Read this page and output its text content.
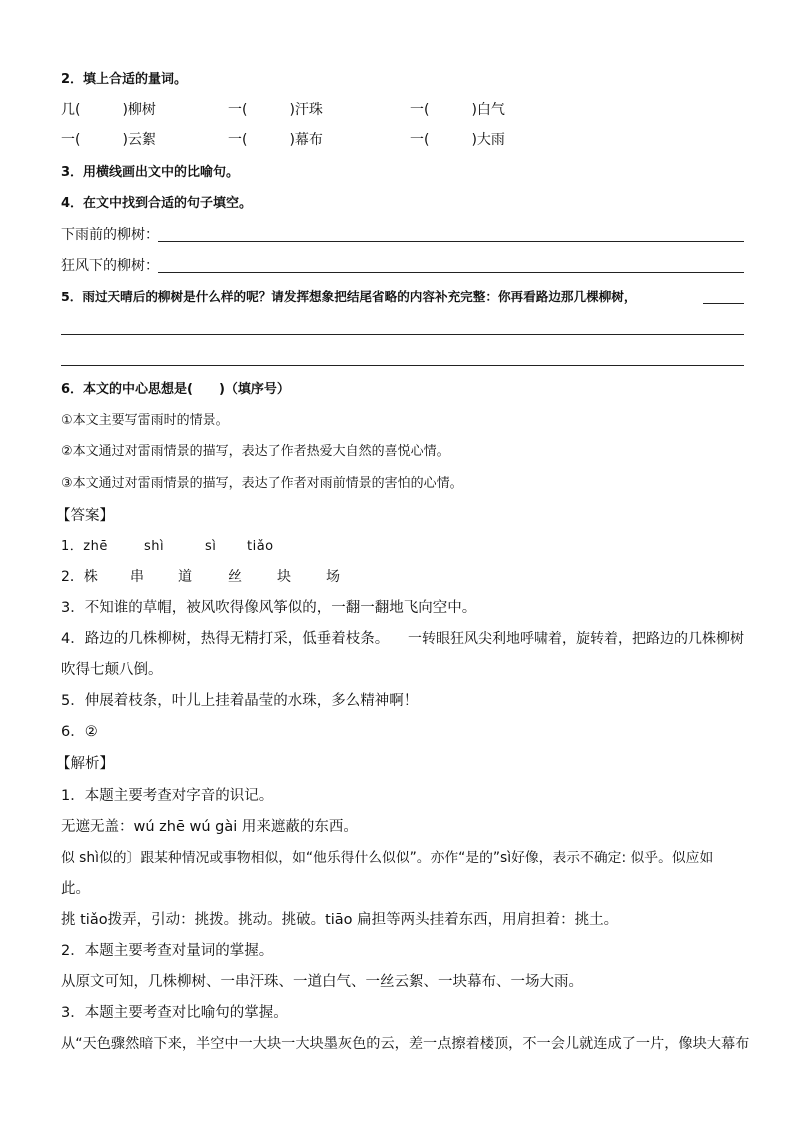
2．填上合适的量词。
几(　　　)柳树	一(　　　)汗珠	一(　　　)白气
一(　　　)云絮	一(　　　)幕布	一(　　　)大雨
3．用横线画出文中的比喻句。
4．在文中找到合适的句子填空。
下雨前的柳树：
狂风下的柳树：
5．雨过天晴后的柳树是什么样的呢？请发挥想象把结尾省略的内容补充完整：你再看路边那几棵柳树，
6．本文的中心思想是(　　)（填序号）
①本文主要写雷雨时的情景。
②本文通过对雷雨情景的描写，表达了作者热爱大自然的喜悦心情。
③本文通过对雷雨情景的描写，表达了作者对雨前情景的害怕的心情。
【答案】
1．zhē	shì	sì tiǎo
2．株 串 道	丝	块	场
3．不知谁的草帽，被风吹得像风筝似的，一翻一翻地飞向空中。
4．路边的几株柳树，热得无精打采，低垂着枝条。 一转眼狂风尖利地呼啸着，旋转着，把路边的几株柳树
吹得七颠八倒。
5．伸展着枝条，叶儿上挂着晶莹的水珠，多么精神啊！
6．②
【解析】
1．本题主要考查对字音的识记。
无遮无盖：wú zhē wú gài 用来遮蔽的东西。
似 shì似的〕跟某种情况或事物相似，如“他乐得什么似似”。亦作“是的”sì好像，表示不确定: 似乎。似应如
此。
挑 tiǎo拨弄，引动：挑拨。挑动。挑破。tiāo 扁担等两头挂着东西，用肩担着：挑土。
2．本题主要考查对量词的掌握。
从原文可知，几株柳树、一串汗珠、一道白气、一丝云絮、一块幕布、一场大雨。
3．本题主要考查对比喻句的掌握。
从“天色骤然暗下来，半空中一大块一大块墨灰色的云，差一点擦着楼顶，不一会儿就连成了一片，像块大幕布
